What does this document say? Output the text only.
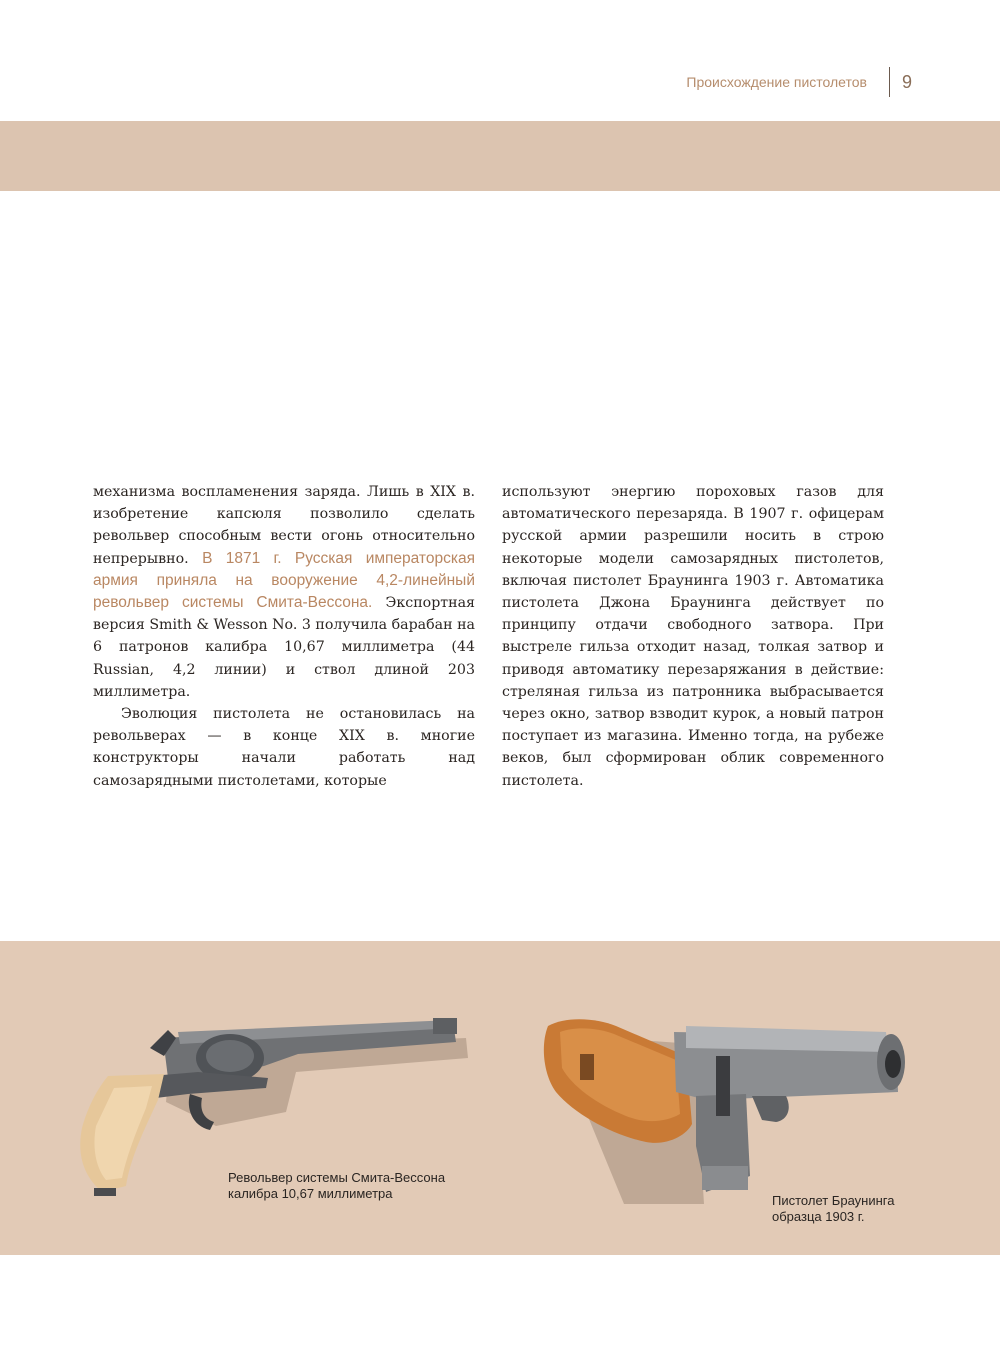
Происхождение пистолетов 9

механизма воспламенения заряда. Лишь в XIX в. изобретение капсюля позволило сделать револьвер способным вести огонь относительно непрерывно. В 1871 г. Русская императорская армия приняла на вооружение 4,2-линейный револьвер системы Смита-Вессона. Экспортная версия Smith & Wesson No. 3 получила барабан на 6 патронов калибра 10,67 миллиметра (44 Russian, 4,2 линии) и ствол длиной 203 миллиметра.

Эволюция пистолета не остановилась на револьверах — в конце XIX в. многие конструкторы начали работать над самозарядными пистолетами, которые

используют энергию пороховых газов для автоматического перезаряда. В 1907 г. офицерам русской армии разрешили носить в строю некоторые модели самозарядных пистолетов, включая пистолет Браунинга 1903 г. Автоматика пистолета Джона Браунинга действует по принципу отдачи свободного затвора. При выстреле гильза отходит назад, толкая затвор и приводя автоматику перезаряжания в действие: стреляная гильза из патронника выбрасывается через окно, затвор взводит курок, а новый патрон поступает из магазина. Именно тогда, на рубеже веков, был сформирован облик современного пистолета.

Револьвер системы Смита-Вессона
калибра 10,67 миллиметра	Пистолет Браунинга
образца 1903 г.
